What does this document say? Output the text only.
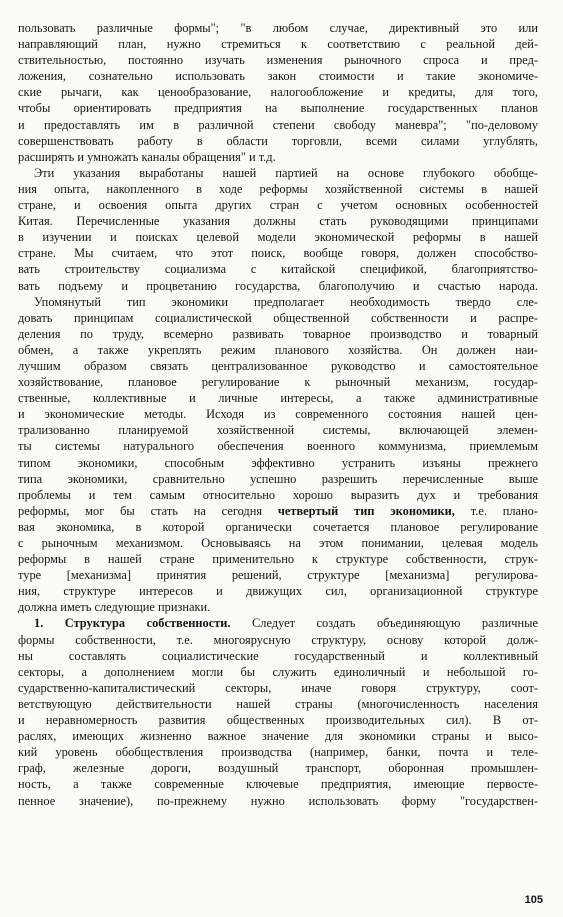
пользовать различные формы"; "в любом случае, директивный это или
направляющий план, нужно стремиться к соответствию с реальной дей-
ствительностью, постоянно изучать изменения рыночного спроса и пред-
ложения, сознательно использовать закон стоимости и такие экономиче-
ские рычаги, как ценообразование, налогообложение и кредиты, для того,
чтобы ориентировать предприятия на выполнение государственных планов
и предоставлять им в различной степени свободу маневра"; "по-деловому
совершенствовать работу в области торговли, всеми силами углублять,
расширять и умножать каналы обращения" и т.д.
Эти указания выработаны нашей партией на основе глубокого обобще-
ния опыта, накопленного в ходе реформы хозяйственной системы в нашей
стране, и освоения опыта других стран с учетом основных особенностей
Китая. Перечисленные указания должны стать руководящими принципами
в изучении и поисках целевой модели экономической реформы в нашей
стране. Мы считаем, что этот поиск, вообще говоря, должен способство-
вать строительству социализма с китайской спецификой, благоприятство-
вать подъему и процветанию государства, благополучию и счастью народа.
Упомянутый тип экономики предполагает необходимость твердо сле-
довать принципам социалистической общественной собственности и распре-
деления по труду, всемерно развивать товарное производство и товарный
обмен, а также укреплять режим планового хозяйства. Он должен наи-
лучшим образом связать централизованное руководство и самостоятельное
хозяйствование, плановое регулирование к рыночный механизм, государ-
ственные, коллективные и личные интересы, а также административные
и экономические методы. Исходя из современного состояния нашей цен-
трализованно планируемой хозяйственной системы, включающей элемен-
ты системы натурального обеспечения военного коммунизма, приемлемым
типом экономики, способным эффективно устранить изъяны прежнего
типа экономики, сравнительно успешно разрешить перечисленные выше
проблемы и тем самым относительно хорошо выразить дух и требования
реформы, мог бы стать на сегодня четвертый тип экономики, т.е. плано-
вая экономика, в которой органически сочетается плановое регулирование
с рыночным механизмом. Основываясь на этом понимании, целевая модель
реформы в нашей стране применительно к структуре собственности, струк-
туре [механизма] принятия решений, структуре [механизма] регулирова-
ния, структуре интересов и движущих сил, организационной структуре
должна иметь следующие признаки.
1. Структура собственности. Следует создать объединяющую различные
формы собственности, т.е. многоярусную структуру, основу которой долж-
ны составлять социалистические государственный и коллективный
секторы, а дополнением могли бы служить единоличный и небольшой го-
сударственно-капиталистический секторы, иначе говоря структуру, соот-
ветствующую действительности нашей страны (многочисленность населения
и неравномерность развития общественных производительных сил). В от-
раслях, имеющих жизненно важное значение для экономики страны и высо-
кий уровень обобществления производства (например, банки, почта и теле-
граф, железные дороги, воздушный транспорт, оборонная промышлен-
ность, а также современные ключевые предприятия, имеющие первосте-
пенное значение), по-прежнему нужно использовать форму "государствен-
105
